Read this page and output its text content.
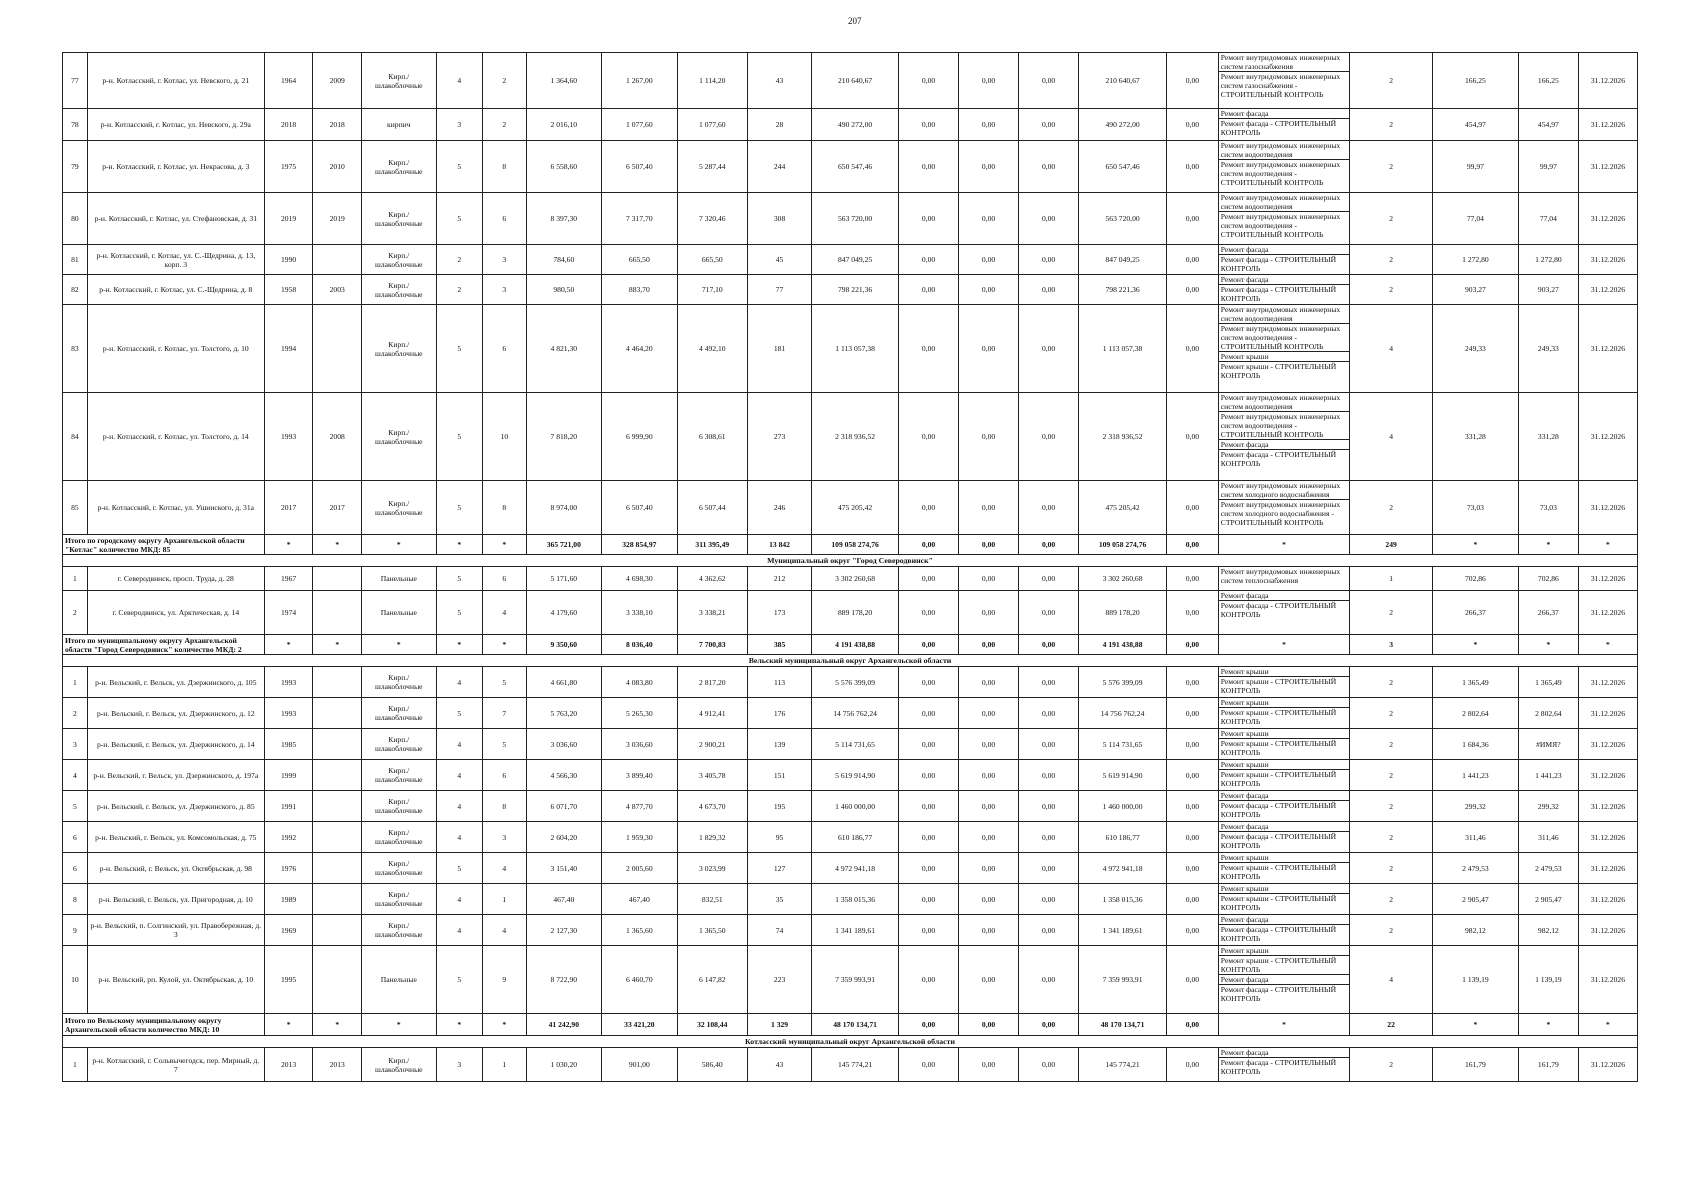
207
77	р-н. Котласский, г. Котлас, ул. Невского, д. 21	1964	2009	Кирп./ шлакоблочные	4	2	1 364,60	1 267,00	1 114,20	43	210 640,67	0,00	0,00	0,00	210 640,67	0,00	Ремонт внутридомовых инженерных систем газоснабжения
Ремонт внутридомовых инженерных систем газоснабжения - СТРОИТЕЛЬНЫЙ КОНТРОЛЬ	2	166,25	166,25	31.12.2026
78	р-н. Котласский, г. Котлас, ул. Невского, д. 29а	2018	2018	кирпич	3	2	2 016,10	1 077,60	1 077,60	28	490 272,00	0,00	0,00	0,00	490 272,00	0,00	Ремонт фасада
Ремонт фасада - СТРОИТЕЛЬНЫЙ КОНТРОЛЬ	2	454,97	454,97	31.12.2026
79	р-н. Котласский, г. Котлас, ул. Некрасова, д. 3	1975	2010	Кирп./ шлакоблочные	5	8	6 558,60	6 507,40	5 287,44	244	650 547,46	0,00	0,00	0,00	650 547,46	0,00	Ремонт внутридомовых инженерных систем водоотведения
Ремонт внутридомовых инженерных систем водоотведения - СТРОИТЕЛЬНЫЙ КОНТРОЛЬ	2	99,97	99,97	31.12.2026
80	р-н. Котласский, г. Котлас, ул. Стефановская, д. 31	2019	2019	Кирп./ шлакоблочные	5	6	8 397,30	7 317,70	7 320,46	308	563 720,00	0,00	0,00	0,00	563 720,00	0,00	Ремонт внутридомовых инженерных систем водоотведения
Ремонт внутридомовых инженерных систем водоотведения - СТРОИТЕЛЬНЫЙ КОНТРОЛЬ	2	77,04	77,04	31.12.2026
81	р-н. Котласский, г. Котлас, ул. С.-Щедрина, д. 13, корп. 3	1990		Кирп./ шлакоблочные	2	3	784,60	665,50	665,50	45	847 049,25	0,00	0,00	0,00	847 049,25	0,00	Ремонт фасада
Ремонт фасада - СТРОИТЕЛЬНЫЙ КОНТРОЛЬ	2	1 272,80	1 272,80	31.12.2026
82	р-н. Котласский, г. Котлас, ул. С.-Щедрина, д. 8	1958	2003	Кирп./ шлакоблочные	2	3	980,50	883,70	717,10	77	798 221,36	0,00	0,00	0,00	798 221,36	0,00	Ремонт фасада
Ремонт фасада - СТРОИТЕЛЬНЫЙ КОНТРОЛЬ	2	903,27	903,27	31.12.2026
83	р-н. Котласский, г. Котлас, ул. Толстого, д. 10	1994		Кирп./ шлакоблочные	5	6	4 821,30	4 464,20	4 492,10	181	1 113 057,38	0,00	0,00	0,00	1 113 057,38	0,00	Ремонт внутридомовых инженерных систем водоотведения
Ремонт внутридомовых инженерных систем водоотведения - СТРОИТЕЛЬНЫЙ КОНТРОЛЬ
Ремонт крыши
Ремонт крыши - СТРОИТЕЛЬНЫЙ КОНТРОЛЬ	4	249,33	249,33	31.12.2026
84	р-н. Котласский, г. Котлас, ул. Толстого, д. 14	1993	2008	Кирп./ шлакоблочные	5	10	7 818,20	6 999,90	6 308,61	273	2 318 936,52	0,00	0,00	0,00	2 318 936,52	0,00	Ремонт внутридомовых инженерных систем водоотведения
Ремонт внутридомовых инженерных систем водоотведения - СТРОИТЕЛЬНЫЙ КОНТРОЛЬ
Ремонт фасада
Ремонт фасада - СТРОИТЕЛЬНЫЙ КОНТРОЛЬ	4	331,28	331,28	31.12.2026
85	р-н. Котласский, г. Котлас, ул. Ушинского, д. 31а	2017	2017	Кирп./ шлакоблочные	5	8	8 974,00	6 507,40	6 507,44	246	475 205,42	0,00	0,00	0,00	475 205,42	0,00	Ремонт внутридомовых инженерных систем холодного водоснабжения
Ремонт внутридомовых инженерных систем холодного водоснабжения - СТРОИТЕЛЬНЫЙ КОНТРОЛЬ	2	73,03	73,03	31.12.2026
Итого по городскому округу Архангельской области "Котлас" количество МКД: 85		*	*	*	*	*	365 721,00	328 854,97	311 395,49	13 842	109 058 274,76	0,00	0,00	0,00	109 058 274,76	0,00	*	249	*	*	*
Муниципальный округ "Город Северодвинск"																					
1	г. Северодвинск, просп. Труда, д. 28	1967		Панельные	5	6	5 171,60	4 698,30	4 362,62	212	3 302 260,68	0,00	0,00	0,00	3 302 260,68	0,00	Ремонт внутридомовых инженерных систем теплоснабжения	1	702,86	702,86	31.12.2026
2	г. Северодвинск, ул. Арктическая, д. 14	1974		Панельные	5	4	4 179,60	3 338,10	3 338,21	173	889 178,20	0,00	0,00	0,00	889 178,20	0,00	Ремонт фасада
Ремонт фасада - СТРОИТЕЛЬНЫЙ КОНТРОЛЬ	2	266,37	266,37	31.12.2026
Итого по муниципальному округу Архангельской области "Город Северодвинск" количество МКД: 2		*	*	*	*	*	9 350,60	8 036,40	7 700,83	385	4 191 438,88	0,00	0,00	0,00	4 191 438,88	0,00	*	3	*	*	*
Вельский муниципальный округ Архангельской области																					
1	р-н. Вельский, г. Вельск, ул. Дзержинского, д. 105	1993		Кирп./ шлакоблочные	4	5	4 661,80	4 083,80	2 817,20	113	5 576 399,09	0,00	0,00	0,00	5 576 399,09	0,00	Ремонт крыши
Ремонт крыши - СТРОИТЕЛЬНЫЙ КОНТРОЛЬ	2	1 365,49	1 365,49	31.12.2026
2	р-н. Вельский, г. Вельск, ул. Дзержинского, д. 12	1993		Кирп./ шлакоблочные	5	7	5 763,20	5 265,30	4 912,41	176	14 756 762,24	0,00	0,00	0,00	14 756 762,24	0,00	Ремонт крыши
Ремонт крыши - СТРОИТЕЛЬНЫЙ КОНТРОЛЬ	2	2 802,64	2 802,64	31.12.2026
3	р-н. Вельский, г. Вельск, ул. Дзержинского, д. 14	1985		Кирп./ шлакоблочные	4	5	3 036,60	3 036,60	2 900,21	139	5 114 731,65	0,00	0,00	0,00	5 114 731,65	0,00	Ремонт крыши
Ремонт крыши - СТРОИТЕЛЬНЫЙ КОНТРОЛЬ	2	1 684,36	#ИМЯ?	31.12.2026
4	р-н. Вельский, г. Вельск, ул. Дзержинского, д. 197а	1999		Кирп./ шлакоблочные	4	6	4 566,30	3 899,40	3 405,78	151	5 619 914,90	0,00	0,00	0,00	5 619 914,90	0,00	Ремонт крыши
Ремонт крыши - СТРОИТЕЛЬНЫЙ КОНТРОЛЬ	2	1 441,23	1 441,23	31.12.2026
5	р-н. Вельский, г. Вельск, ул. Дзержинского, д. 85	1991		Кирп./ шлакоблочные	4	8	6 071,70	4 877,70	4 673,70	195	1 460 000,00	0,00	0,00	0,00	1 460 000,00	0,00	Ремонт фасада
Ремонт фасада - СТРОИТЕЛЬНЫЙ КОНТРОЛЬ	2	299,32	299,32	31.12.2026
6	р-н. Вельский, г. Вельск, ул. Комсомольская, д. 75	1992		Кирп./ шлакоблочные	4	3	2 604,20	1 959,30	1 829,32	95	610 186,77	0,00	0,00	0,00	610 186,77	0,00	Ремонт фасада
Ремонт фасада - СТРОИТЕЛЬНЫЙ КОНТРОЛЬ	2	311,46	311,46	31.12.2026
6	р-н. Вельский, г. Вельск, ул. Октябрьская, д. 98	1976		Кирп./ шлакоблочные	5	4	3 151,40	2 005,60	3 023,99	127	4 972 941,18	0,00	0,00	0,00	4 972 941,18	0,00	Ремонт крыши
Ремонт крыши - СТРОИТЕЛЬНЫЙ КОНТРОЛЬ	2	2 479,53	2 479,53	31.12.2026
8	р-н. Вельский, г. Вельск, ул. Пригородная, д. 10	1989		Кирп./ шлакоблочные	4	1	467,40	467,40	832,51	35	1 358 015,36	0,00	0,00	0,00	1 358 015,36	0,00	Ремонт крыши
Ремонт крыши - СТРОИТЕЛЬНЫЙ КОНТРОЛЬ	2	2 905,47	2 905,47	31.12.2026
9	р-н. Вельский, п. Солгинский, ул. Правобережная, д. 3	1969		Кирп./ шлакоблочные	4	4	2 127,30	1 365,60	1 365,50	74	1 341 189,61	0,00	0,00	0,00	1 341 189,61	0,00	Ремонт фасада
Ремонт фасада - СТРОИТЕЛЬНЫЙ КОНТРОЛЬ	2	982,12	982,12	31.12.2026
10	р-н. Вельский, рп. Кулой, ул. Октябрьская, д. 10	1995		Панельные	5	9	8 722,90	6 460,70	6 147,82	223	7 359 993,91	0,00	0,00	0,00	7 359 993,91	0,00	Ремонт крыши
Ремонт крыши - СТРОИТЕЛЬНЫЙ КОНТРОЛЬ
Ремонт фасада
Ремонт фасада - СТРОИТЕЛЬНЫЙ КОНТРОЛЬ	4	1 139,19	1 139,19	31.12.2026
Итого по Вельскому муниципальному округу Архангельской области количество МКД: 10		*	*	*	*	*	41 242,90	33 421,20	32 108,44	1 329	48 170 134,71	0,00	0,00	0,00	48 170 134,71	0,00	*	22	*	*	*
Котласский муниципальный округ Архангельской области																					
1	р-н. Котласский, г. Сольвычегодск, пер. Мирный, д. 7	2013	2013	Кирп./ шлакоблочные	3	1	1 030,20	901,00	586,40	43	145 774,21	0,00	0,00	0,00	145 774,21	0,00	Ремонт фасада
Ремонт фасада - СТРОИТЕЛЬНЫЙ КОНТРОЛЬ	2	161,79	161,79	31.12.2026
